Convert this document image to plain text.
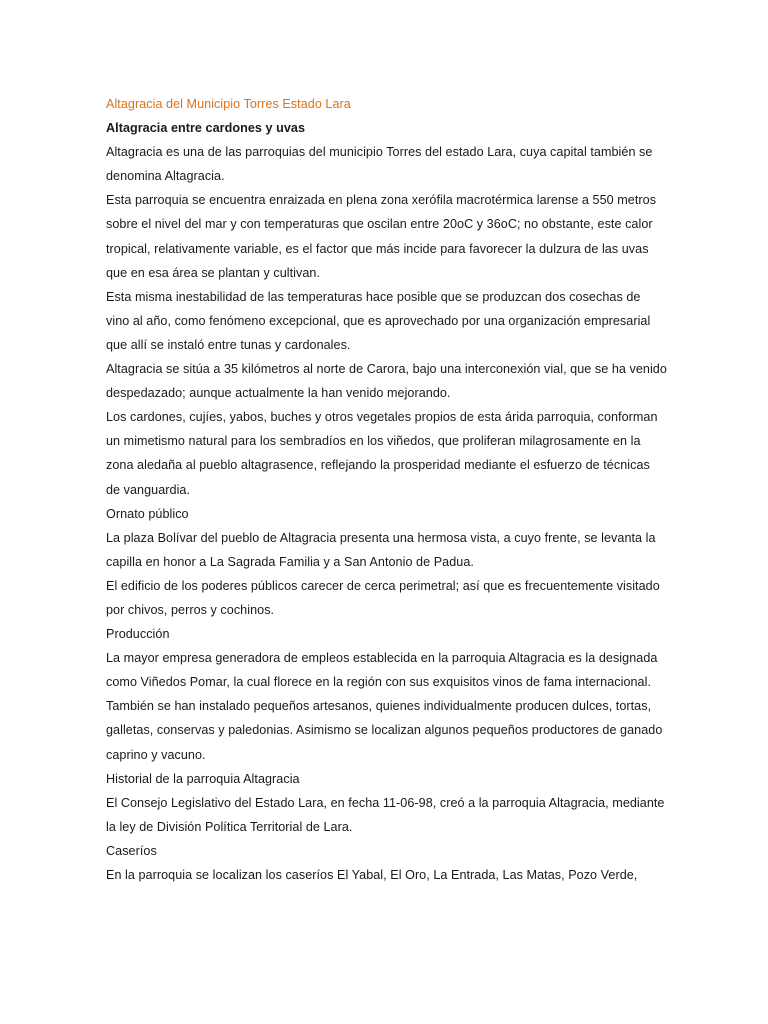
Altagracia del Municipio Torres Estado Lara

Altagracia entre cardones y uvas

Altagracia es una de las parroquias del municipio Torres del estado Lara, cuya capital también se

denomina Altagracia.

Esta parroquia se encuentra enraizada en plena zona xerófila macrotérmica larense a 550 metros

sobre el nivel del mar y con temperaturas que oscilan entre 20oC y 36oC; no obstante, este calor

tropical, relativamente variable, es el factor que más incide para favorecer la dulzura de las uvas

que en esa área se plantan y cultivan.

Esta misma inestabilidad de las temperaturas hace posible que se produzcan dos cosechas de

vino al año, como fenómeno excepcional, que es aprovechado por una organización empresarial

que allí se instaló entre tunas y cardonales.

Altagracia se sitúa a 35 kilómetros al norte de Carora, bajo una interconexión vial, que se ha venido

despedazado; aunque actualmente la han venido mejorando.

Los cardones, cujíes, yabos, buches y otros vegetales propios de esta árida parroquia, conforman

un mimetismo natural para los sembradíos en los viñedos, que proliferan milagrosamente en la

zona aledaña al pueblo altagrasence, reflejando la prosperidad mediante el esfuerzo de técnicas

de vanguardia.

Ornato público

La plaza Bolívar del pueblo de Altagracia presenta una hermosa vista, a cuyo frente, se levanta la

capilla en honor a La Sagrada Familia y a San Antonio de Padua.

El edificio de los poderes públicos carecer de cerca perimetral; así que es frecuentemente visitado

por chivos, perros y cochinos.

Producción

La mayor empresa generadora de empleos establecida en la parroquia Altagracia es la designada

como Viñedos Pomar, la cual florece en la región con sus exquisitos vinos de fama internacional.

También se han instalado pequeños artesanos, quienes individualmente producen dulces, tortas,

galletas, conservas y paledonias. Asimismo se localizan algunos pequeños productores de ganado

caprino y vacuno.

Historial de la parroquia Altagracia

El Consejo Legislativo del Estado Lara, en fecha 11-06-98, creó a la parroquia Altagracia, mediante

la ley de División Política Territorial de Lara.

Caseríos

En la parroquia se localizan los caseríos El Yabal, El Oro, La Entrada, Las Matas, Pozo Verde,
